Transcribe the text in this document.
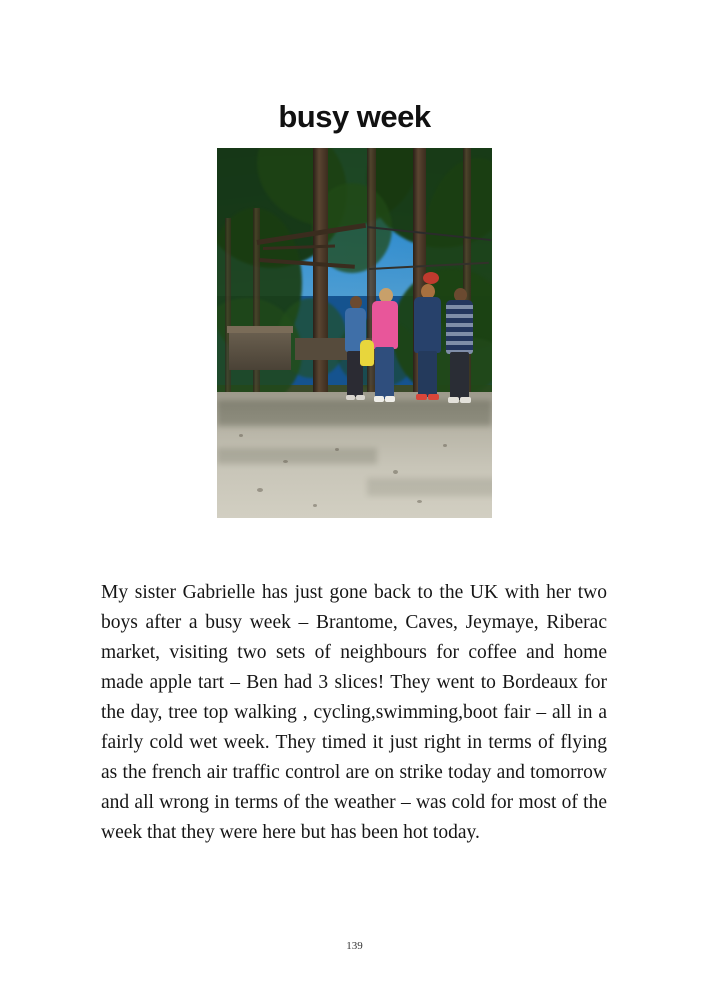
busy week

My sister Gabrielle has just gone back to the UK with her two boys after a busy week – Brantome, Caves, Jeymaye, Riberac market, visiting two sets of neighbours for coffee and home made apple tart – Ben had 3 slices! They went to Bordeaux for the day, tree top walking , cycling,swimming,boot fair – all in a fairly cold wet week. They timed it just right in terms of flying as the french air traffic control are on strike today and tomorrow and all wrong in terms of the weather – was cold for most of the week that they were here but has been hot today.

139
